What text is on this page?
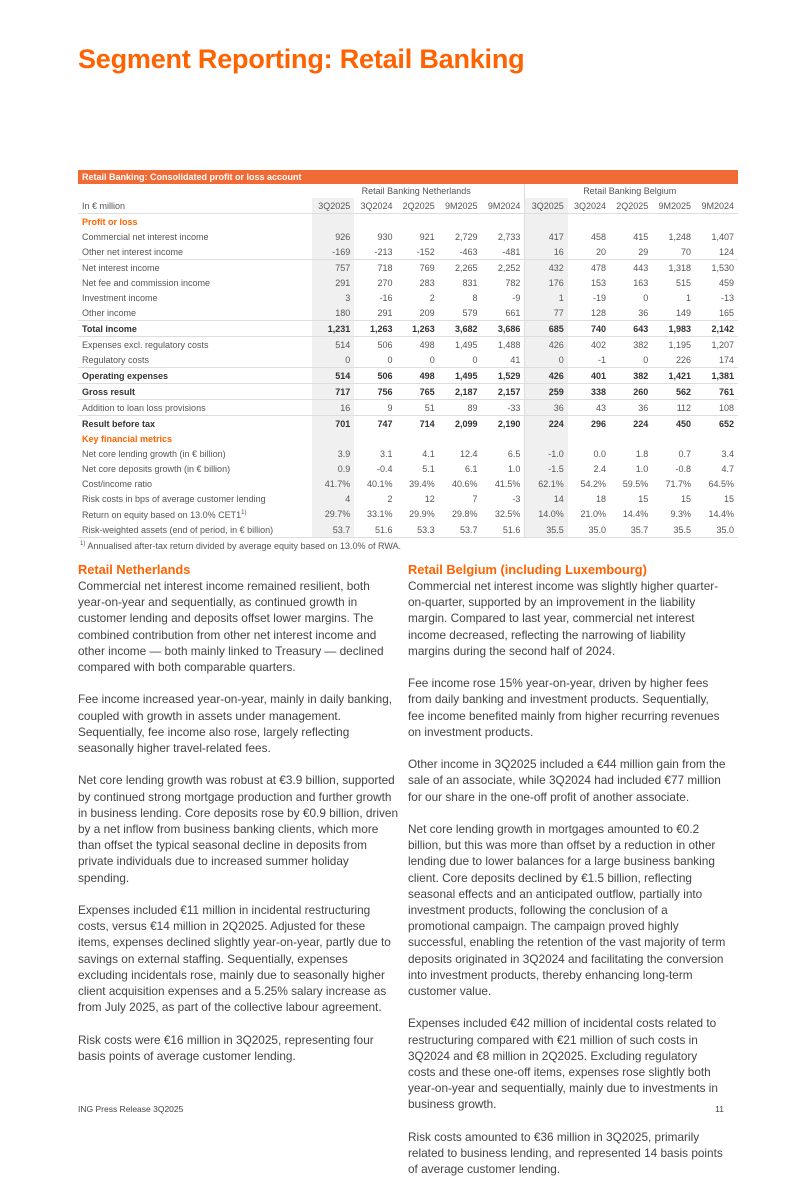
Segment Reporting: Retail Banking
Retail Banking: Consolidated profit or loss account
	Retail Banking Netherlands					Retail Banking Belgium				
In € million	3Q2025	3Q2024	2Q2025	9M2025	9M2024	3Q2025	3Q2024	2Q2025	9M2025	9M2024
Profit or loss										
Commercial net interest income	926	930	921	2,729	2,733	417	458	415	1,248	1,407
Other net interest income	-169	-213	-152	-463	-481	16	20	29	70	124
Net interest income	757	718	769	2,265	2,252	432	478	443	1,318	1,530
Net fee and commission income	291	270	283	831	782	176	153	163	515	459
Investment income	3	-16	2	8	-9	1	-19	0	1	-13
Other income	180	291	209	579	661	77	128	36	149	165
Total income	1,231	1,263	1,263	3,682	3,686	685	740	643	1,983	2,142
Expenses excl. regulatory costs	514	506	498	1,495	1,488	426	402	382	1,195	1,207
Regulatory costs	0	0	0	0	41	0	-1	0	226	174
Operating expenses	514	506	498	1,495	1,529	426	401	382	1,421	1,381
Gross result	717	756	765	2,187	2,157	259	338	260	562	761
Addition to loan loss provisions	16	9	51	89	-33	36	43	36	112	108
Result before tax	701	747	714	2,099	2,190	224	296	224	450	652
Key financial metrics										
Net core lending growth (in € billion)	3.9	3.1	4.1	12.4	6.5	-1.0	0.0	1.8	0.7	3.4
Net core deposits growth (in € billion)	0.9	-0.4	5.1	6.1	1.0	-1.5	2.4	1.0	-0.8	4.7
Cost/income ratio	41.7%	40.1%	39.4%	40.6%	41.5%	62.1%	54.2%	59.5%	71.7%	64.5%
Risk costs in bps of average customer lending	4	2	12	7	-3	14	18	15	15	15
Return on equity based on 13.0% CET1$^{1)}$	29.7%	33.1%	29.9%	29.8%	32.5%	14.0%	21.0%	14.4%	9.3%	14.4%
Risk-weighted assets (end of period, in € billion)	53.7	51.6	53.3	53.7	51.6	35.5	35.0	35.7	35.5	35.0
$^{1)}$ Annualised after-tax return divided by average equity based on 13.0% of RWA.
Retail Netherlands

Commercial net interest income remained resilient, both year-on-year and sequentially, as continued growth in customer lending and deposits offset lower margins. The combined contribution from other net interest income and other income — both mainly linked to Treasury — declined compared with both comparable quarters.

Fee income increased year-on-year, mainly in daily banking, coupled with growth in assets under management. Sequentially, fee income also rose, largely reflecting seasonally higher travel-related fees.

Net core lending growth was robust at €3.9 billion, supported by continued strong mortgage production and further growth in business lending. Core deposits rose by €0.9 billion, driven by a net inflow from business banking clients, which more than offset the typical seasonal decline in deposits from private individuals due to increased summer holiday spending.

Expenses included €11 million in incidental restructuring costs, versus €14 million in 2Q2025. Adjusted for these items, expenses declined slightly year-on-year, partly due to savings on external staffing. Sequentially, expenses excluding incidentals rose, mainly due to seasonally higher client acquisition expenses and a 5.25% salary increase as from July 2025, as part of the collective labour agreement.

Risk costs were €16 million in 3Q2025, representing four basis points of average customer lending.

Retail Belgium (including Luxembourg)

Commercial net interest income was slightly higher quarter-on-quarter, supported by an improvement in the liability margin. Compared to last year, commercial net interest income decreased, reflecting the narrowing of liability margins during the second half of 2024.

Fee income rose 15% year-on-year, driven by higher fees from daily banking and investment products. Sequentially, fee income benefited mainly from higher recurring revenues on investment products.

Other income in 3Q2025 included a €44 million gain from the sale of an associate, while 3Q2024 had included €77 million for our share in the one-off profit of another associate.

Net core lending growth in mortgages amounted to €0.2 billion, but this was more than offset by a reduction in other lending due to lower balances for a large business banking client. Core deposits declined by €1.5 billion, reflecting seasonal effects and an anticipated outflow, partially into investment products, following the conclusion of a promotional campaign. The campaign proved highly successful, enabling the retention of the vast majority of term deposits originated in 3Q2024 and facilitating the conversion into investment products, thereby enhancing long-term customer value.

Expenses included €42 million of incidental costs related to restructuring compared with €21 million of such costs in 3Q2024 and €8 million in 2Q2025. Excluding regulatory costs and these one-off items, expenses rose slightly both year-on-year and sequentially, mainly due to investments in business growth.

Risk costs amounted to €36 million in 3Q2025, primarily related to business lending, and represented 14 basis points of average customer lending.

ING Press Release 3Q2025	11
